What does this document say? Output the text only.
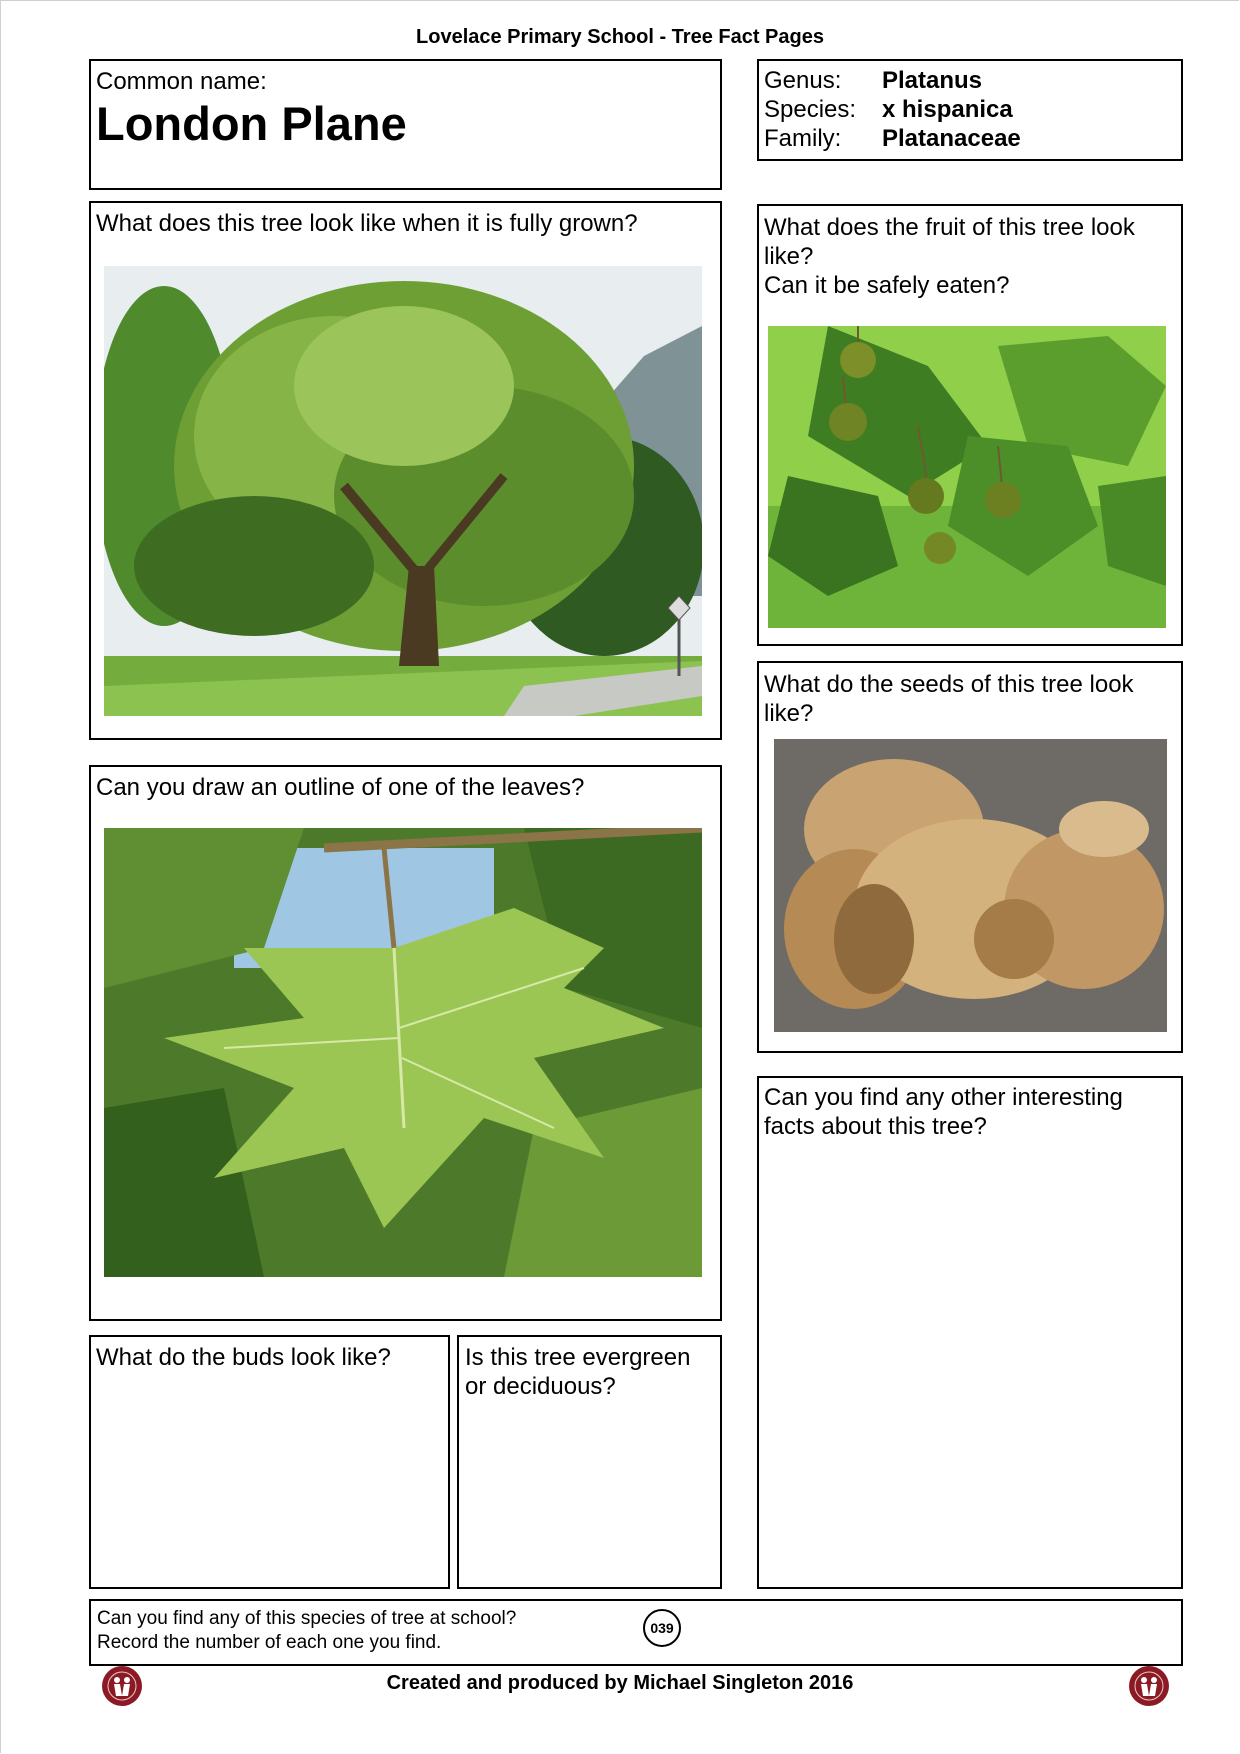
Lovelace Primary School - Tree Fact Pages
Common name:
London Plane
Genus: Platanus
Species: x hispanica
Family: Platanaceae
What does this tree look like when it is fully grown?	What does the fruit of this tree look
like?
Can it be safely eaten?
What do the seeds of this tree look
like?
Can you draw an outline of one of the leaves?
Can you find any other interesting
facts about this tree?
What do the buds look like?	Is this tree evergreen
or deciduous?
Can you find any of this species of tree at school?
Record the number of each one you find.
039
Created and produced by Michael Singleton 2016
